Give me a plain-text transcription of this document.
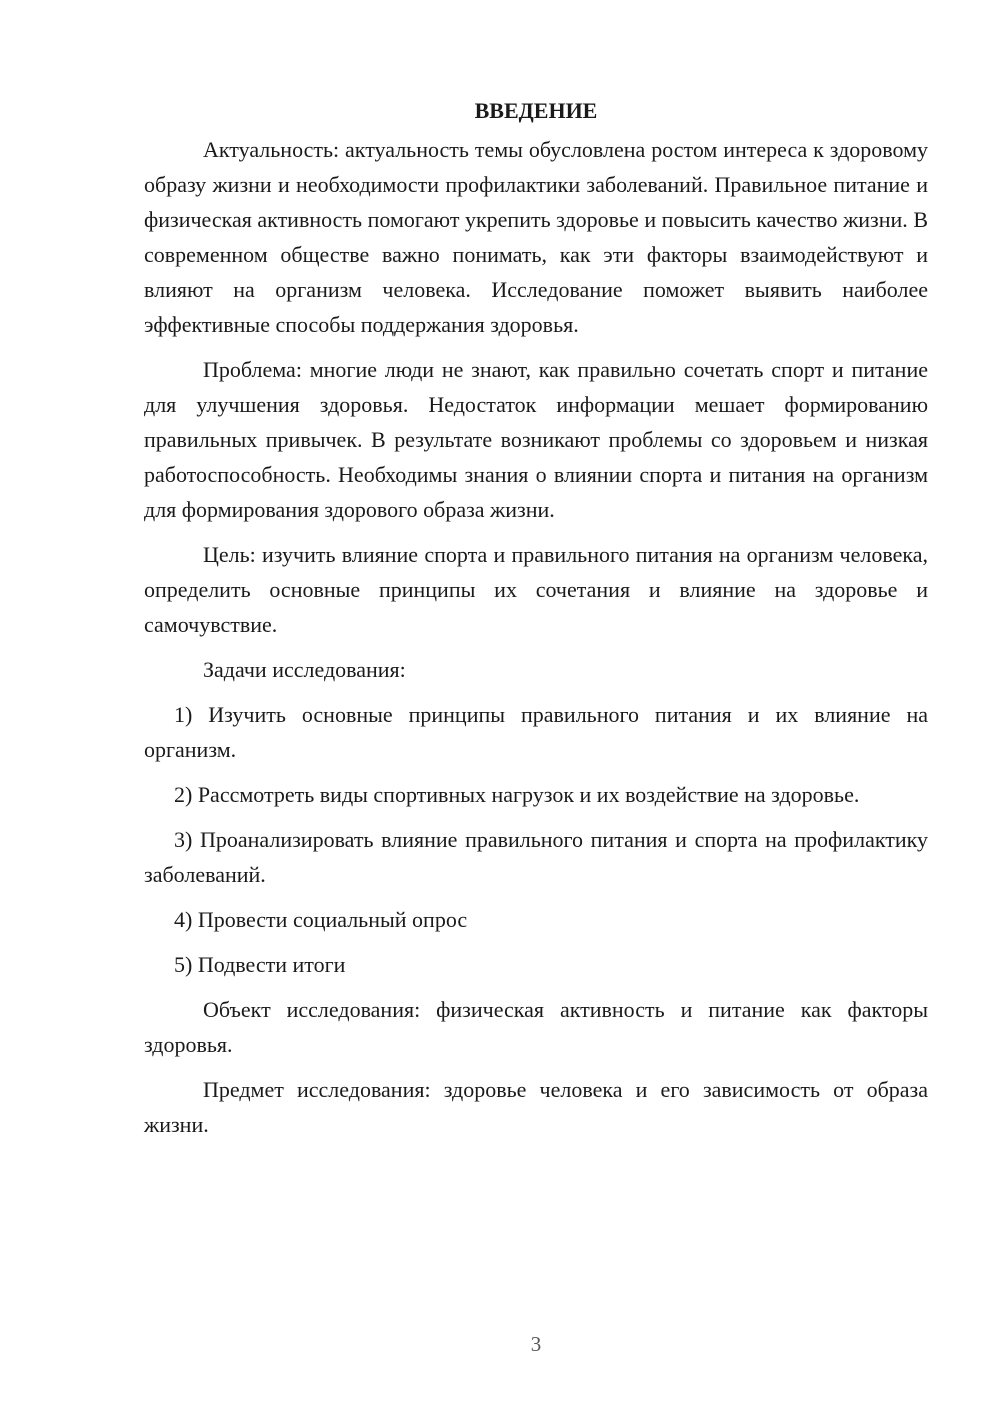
ВВЕДЕНИЕ

Актуальность: актуальность темы обусловлена ростом интереса к здоровому образу жизни и необходимости профилактики заболеваний. Правильное питание и физическая активность помогают укрепить здоровье и повысить качество жизни. В современном обществе важно понимать, как эти факторы взаимодействуют и влияют на организм человека. Исследование поможет выявить наиболее эффективные способы поддержания здоровья.

Проблема: многие люди не знают, как правильно сочетать спорт и питание для улучшения здоровья. Недостаток информации мешает формированию правильных привычек. В результате возникают проблемы со здоровьем и низкая работоспособность. Необходимы знания о влиянии спорта и питания на организм для формирования здорового образа жизни.

Цель: изучить влияние спорта и правильного питания на организм человека, определить основные принципы их сочетания и влияние на здоровье и самочувствие.

Задачи исследования:

1) Изучить основные принципы правильного питания и их влияние на организм.

2) Рассмотреть виды спортивных нагрузок и их воздействие на здоровье.

3) Проанализировать влияние правильного питания и спорта на профилактику заболеваний.

4) Провести социальный опрос

5) Подвести итоги

Объект исследования: физическая активность и питание как факторы здоровья.

Предмет исследования: здоровье человека и его зависимость от образа жизни.

3
